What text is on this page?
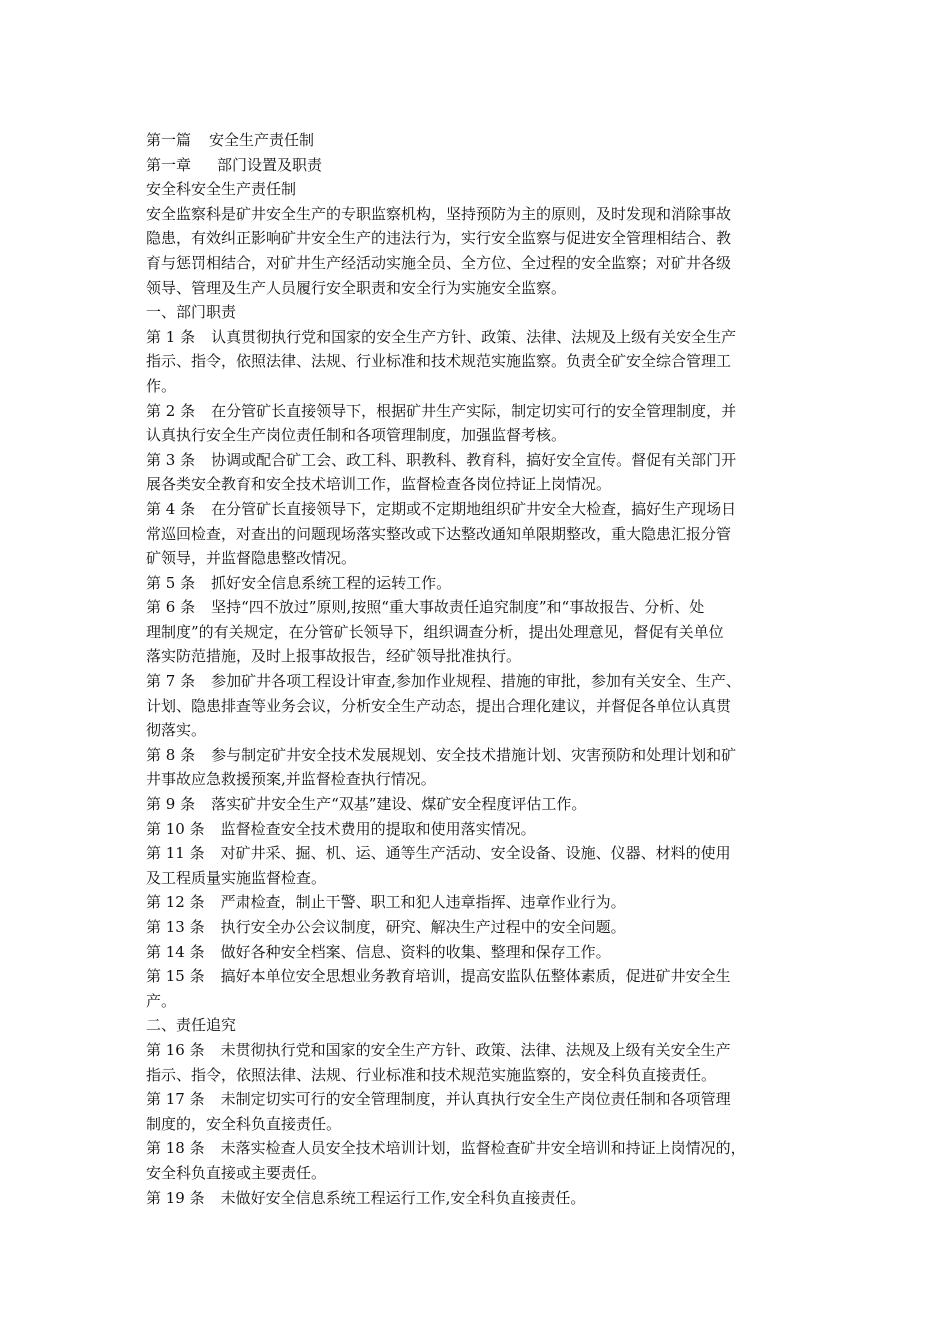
第一篇 安全生产责任制
第一章 部门设置及职责
安全科安全生产责任制
安全监察科是矿井安全生产的专职监察机构，坚持预防为主的原则，及时发现和消除事故
隐患，有效纠正影响矿井安全生产的违法行为，实行安全监察与促进安全管理相结合、教
育与惩罚相结合，对矿井生产经活动实施全员、全方位、全过程的安全监察；对矿井各级
领导、管理及生产人员履行安全职责和安全行为实施安全监察。
一、部门职责
第 1 条 认真贯彻执行党和国家的安全生产方针、政策、法律、法规及上级有关安全生产
指示、指令，依照法律、法规、行业标准和技术规范实施监察。负责全矿安全综合管理工
作。
第 2 条 在分管矿长直接领导下，根据矿井生产实际，制定切实可行的安全管理制度，并
认真执行安全生产岗位责任制和各项管理制度，加强监督考核。
第 3 条 协调或配合矿工会、政工科、职教科、教育科，搞好安全宣传。督促有关部门开
展各类安全教育和安全技术培训工作，监督检查各岗位持证上岗情况。
第 4 条 在分管矿长直接领导下，定期或不定期地组织矿井安全大检查，搞好生产现场日
常巡回检查，对查出的问题现场落实整改或下达整改通知单限期整改，重大隐患汇报分管
矿领导，并监督隐患整改情况。
第 5 条 抓好安全信息系统工程的运转工作。
第 6 条 坚持“四不放过”原则,按照“重大事故责任追究制度”和“事故报告、分析、处
理制度”的有关规定，在分管矿长领导下，组织调查分析，提出处理意见，督促有关单位
落实防范措施，及时上报事故报告，经矿领导批准执行。
第 7 条 参加矿井各项工程设计审查,参加作业规程、措施的审批，参加有关安全、生产、
计划、隐患排查等业务会议，分析安全生产动态，提出合理化建议，并督促各单位认真贯
彻落实。
第 8 条 参与制定矿井安全技术发展规划、安全技术措施计划、灾害预防和处理计划和矿
井事故应急救援预案,并监督检查执行情况。
第 9 条 落实矿井安全生产“双基”建设、煤矿安全程度评估工作。
第 10 条 监督检查安全技术费用的提取和使用落实情况。
第 11 条 对矿井采、掘、机、运、通等生产活动、安全设备、设施、仪器、材料的使用
及工程质量实施监督检查。
第 12 条 严肃检查，制止干警、职工和犯人违章指挥、违章作业行为。
第 13 条 执行安全办公会议制度，研究、解决生产过程中的安全问题。
第 14 条 做好各种安全档案、信息、资料的收集、整理和保存工作。
第 15 条 搞好本单位安全思想业务教育培训，提高安监队伍整体素质，促进矿井安全生
产。
二、责任追究
第 16 条 未贯彻执行党和国家的安全生产方针、政策、法律、法规及上级有关安全生产
指示、指令，依照法律、法规、行业标准和技术规范实施监察的，安全科负直接责任。
第 17 条 未制定切实可行的安全管理制度，并认真执行安全生产岗位责任制和各项管理
制度的，安全科负直接责任。
第 18 条 未落实检查人员安全技术培训计划，监督检查矿井安全培训和持证上岗情况的，
安全科负直接或主要责任。
第 19 条 未做好安全信息系统工程运行工作,安全科负直接责任。
